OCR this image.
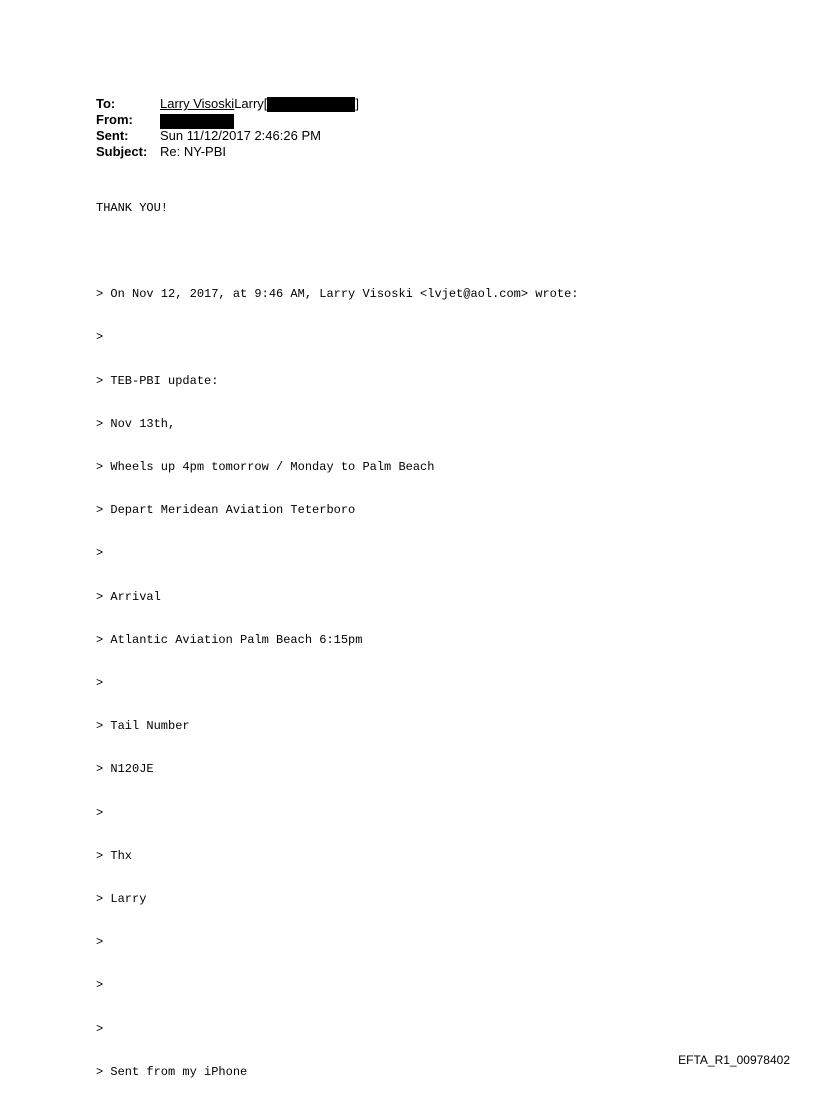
To:	Larry Visoski Larry[	]
From:
Sent:	Sun 11/12/2017 2:46:26 PM
Subject: Re: NY-PBI

THANK YOU!

> On Nov 12, 2017, at 9:46 AM, Larry Visoski <lvjet@aol.com> wrote:

>

> TEB-PBI update:

> Nov 13th,

> Wheels up 4pm tomorrow / Monday to Palm Beach

> Depart Meridean Aviation Teterboro

>

> Arrival

> Atlantic Aviation Palm Beach 6:15pm

>

> Tail Number

> N120JE

>

> Thx

> Larry

>

>

>

> Sent from my iPhone

EFTA_R1_00978402
